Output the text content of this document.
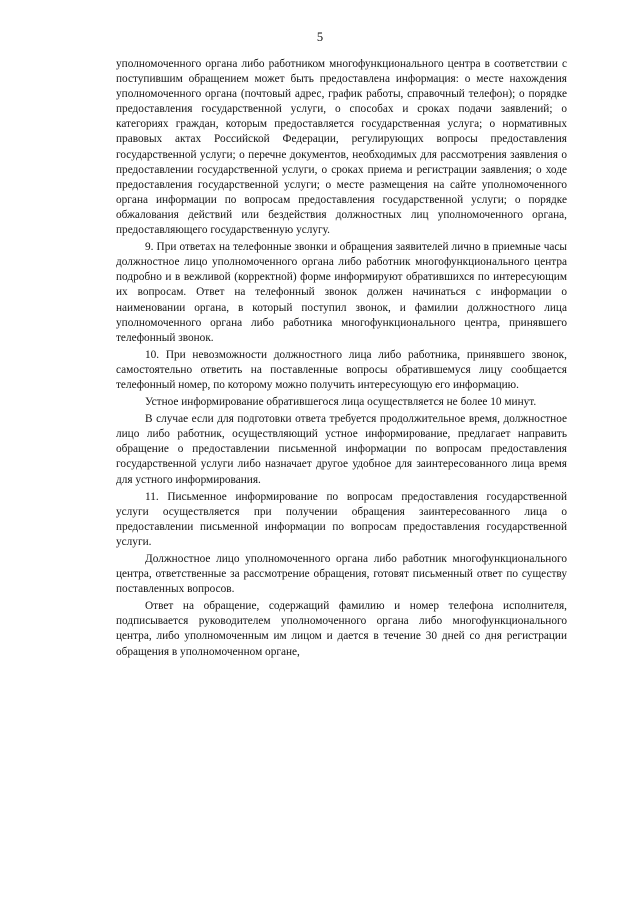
5

уполномоченного органа либо работником многофункционального центра в соответствии с поступившим обращением может быть предоставлена информация: о месте нахождения уполномоченного органа (почтовый адрес, график работы, справочный телефон); о порядке предоставления государственной услуги, о способах и сроках подачи заявлений; о категориях граждан, которым предоставляется государственная услуга; о нормативных правовых актах Российской Федерации, регулирующих вопросы предоставления государственной услуги; о перечне документов, необходимых для рассмотрения заявления о предоставлении государственной услуги, о сроках приема и регистрации заявления; о ходе предоставления государственной услуги; о месте размещения на сайте уполномоченного органа информации по вопросам предоставления государственной услуги; о порядке обжалования действий или бездействия должностных лиц уполномоченного органа, предоставляющего государственную услугу.

9. При ответах на телефонные звонки и обращения заявителей лично в приемные часы должностное лицо уполномоченного органа либо работник многофункционального центра подробно и в вежливой (корректной) форме информируют обратившихся по интересующим их вопросам. Ответ на телефонный звонок должен начинаться с информации о наименовании органа, в который поступил звонок, и фамилии должностного лица уполномоченного органа либо работника многофункционального центра, принявшего телефонный звонок.

10. При невозможности должностного лица либо работника, принявшего звонок, самостоятельно ответить на поставленные вопросы обратившемуся лицу сообщается телефонный номер, по которому можно получить интересующую его информацию.

Устное информирование обратившегося лица осуществляется не более 10 минут.

В случае если для подготовки ответа требуется продолжительное время, должностное лицо либо работник, осуществляющий устное информирование, предлагает направить обращение о предоставлении письменной информации по вопросам предоставления государственной услуги либо назначает другое удобное для заинтересованного лица время для устного информирования.

11. Письменное информирование по вопросам предоставления государственной услуги осуществляется при получении обращения заинтересованного лица о предоставлении письменной информации по вопросам предоставления государственной услуги.

Должностное лицо уполномоченного органа либо работник многофункционального центра, ответственные за рассмотрение обращения, готовят письменный ответ по существу поставленных вопросов.

Ответ на обращение, содержащий фамилию и номер телефона исполнителя, подписывается руководителем уполномоченного органа либо многофункционального центра, либо уполномоченным им лицом и дается в течение 30 дней со дня регистрации обращения в уполномоченном органе,
